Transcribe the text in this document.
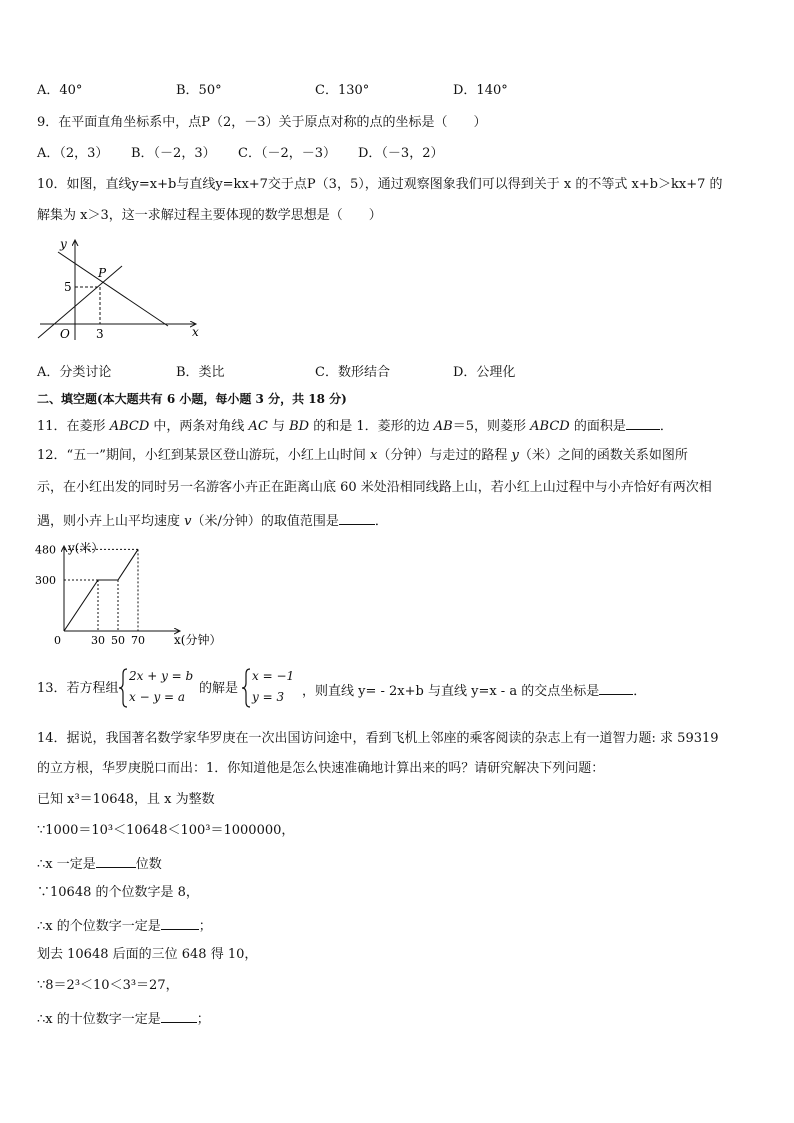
A．40°	B．50°	C．130°	D．140°
9．在平面直角坐标系中，点P（2，－3）关于原点对称的点的坐标是（　　）
A．（2，3） B．（－2，3） C．（－2，－3） D．（－3，2）
10．如图，直线y=x+b与直线y=kx+7交于点P（3，5），通过观察图象我们可以得到关于 x 的不等式 x+b＞kx+7 的
解集为 x＞3，这一求解过程主要体现的数学思想是（　　）
y
x
P
O
5
3
A．分类讨论	B．类比	C．数形结合	D．公理化
二、填空题(本大题共有 6 小题，每小题 3 分，共 18 分)
11．在菱形 ABCD 中，两条对角线 AC 与 BD 的和是 1．菱形的边 AB＝5，则菱形 ABCD 的面积是	．
12．“五一”期间，小红到某景区登山游玩，小红上山时间 x（分钟）与走过的路程 y（米）之间的函数关系如图所
示，在小红出发的同时另一名游客小卉正在距离山底 60 米处沿相同线路上山，若小红上山过程中与小卉恰好有两次相
遇，则小卉上山平均速度 v（米/分钟）的取值范围是	．
y(米）
x(分钟）
0	30 50 70
480
300
13．若方程组
2x + y = b
x − y = a
的解是
x = −1
y = 3 ，则直线 y= - 2x+b 与直线 y=x - a 的交点坐标是	．
14．据说，我国著名数学家华罗庚在一次出国访问途中，看到飞机上邻座的乘客阅读的杂志上有一道智力题: 求 59319
的立方根，华罗庚脱口而出：1．你知道他是怎么快速准确地计算出来的吗？请研究解决下列问题：
已知 x³＝10648，且 x 为整数
∵1000＝10³＜10648＜100³＝1000000，
∴x 一定是	位数
∵10648 的个位数字是 8，
∴x 的个位数字一定是	；
划去 10648 后面的三位 648 得 10，
∵8＝2³＜10＜3³＝27，
∴x 的十位数字一定是	；
